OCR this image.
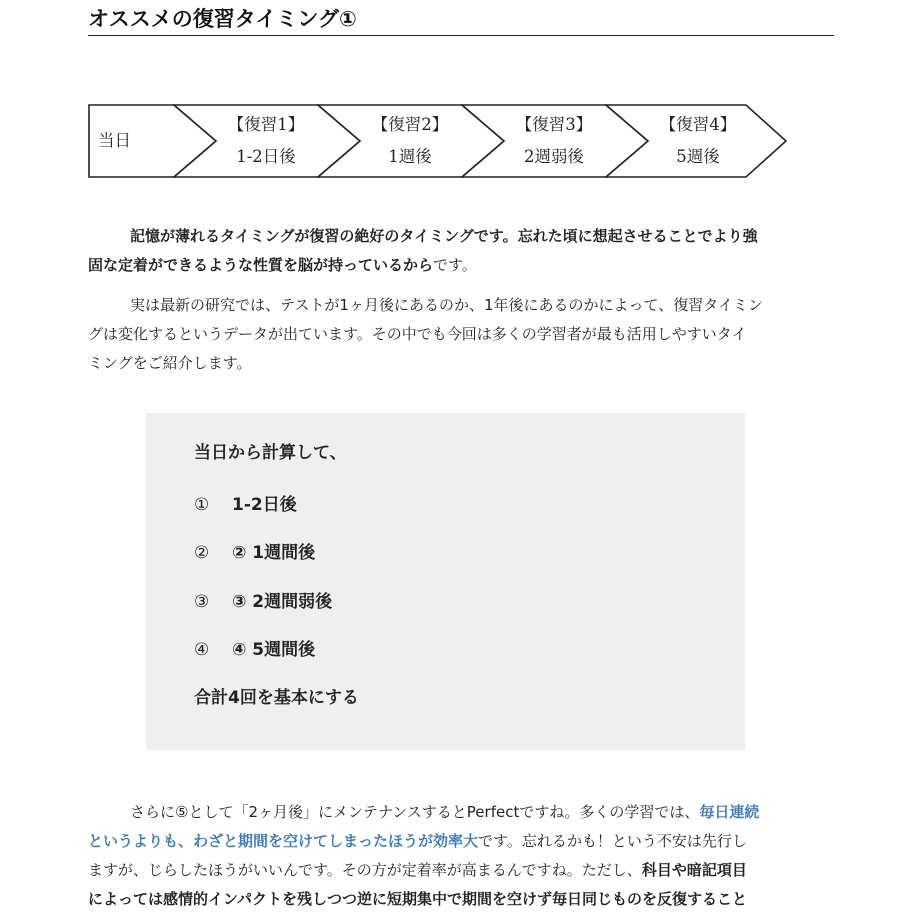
オススメの復習タイミング①
当日
【復習1】
1-2日後
【復習2】
1週後
【復習3】
2週弱後
【復習4】
5週後

記憶が薄れるタイミングが復習の絶好のタイミングです。忘れた頃に想起させることでより強
固な定着ができるような性質を脳が持っているからです。

実は最新の研究では、テストが1ヶ月後にあるのか、1年後にあるのかによって、復習タイミン
グは変化するというデータが出ています。その中でも今回は多くの学習者が最も活用しやすいタイ
ミングをご紹介します。

当日から計算して、
① 1-2日後
② ② 1週間後
③ ③ 2週間弱後
④ ④ 5週間後
合計4回を基本にする

さらに⑤として「2ヶ月後」にメンテナンスするとPerfectですね。多くの学習では、毎日連続
というよりも、わざと期間を空けてしまったほうが効率大です。忘れるかも！という不安は先行し
ますが、じらしたほうがいいんです。その方が定着率が高まるんですね。ただし、科目や暗記項目
によっては感情的インパクトを残しつつ逆に短期集中で期間を空けず毎日同じものを反復すること
